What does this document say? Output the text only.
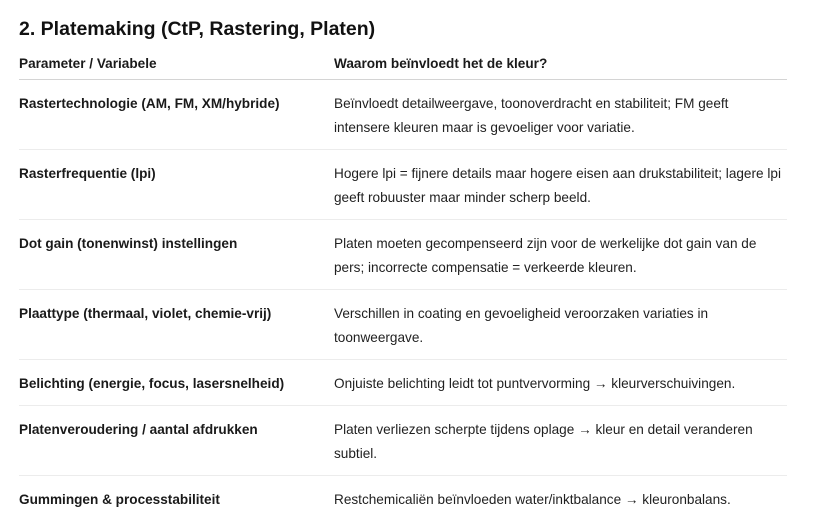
2. Platemaking (CtP, Rastering, Platen)
Parameter / Variabele	Waarom beïnvloedt het de kleur?
Rastertechnologie (AM, FM, XM/hybride)	Beïnvloedt detailweergave, toonoverdracht en stabiliteit; FM geeft intensere kleuren maar is gevoeliger voor variatie.
Rasterfrequentie (lpi)	Hogere lpi = fijnere details maar hogere eisen aan drukstabiliteit; lagere lpi geeft robuuster maar minder scherp beeld.
Dot gain (tonenwinst) instellingen	Platen moeten gecompenseerd zijn voor de werkelijke dot gain van de pers; incorrecte compensatie = verkeerde kleuren.
Plaattype (thermaal, violet, chemie-vrij)	Verschillen in coating en gevoeligheid veroorzaken variaties in toonweergave.
Belichting (energie, focus, lasersnelheid)	Onjuiste belichting leidt tot puntvervorming → kleurverschuivingen.
Platenveroudering / aantal afdrukken	Platen verliezen scherpte tijdens oplage → kleur en detail veranderen subtiel.
Gummingen & processtabiliteit	Restchemicaliën beïnvloeden water/inktbalance → kleuronbalans.
